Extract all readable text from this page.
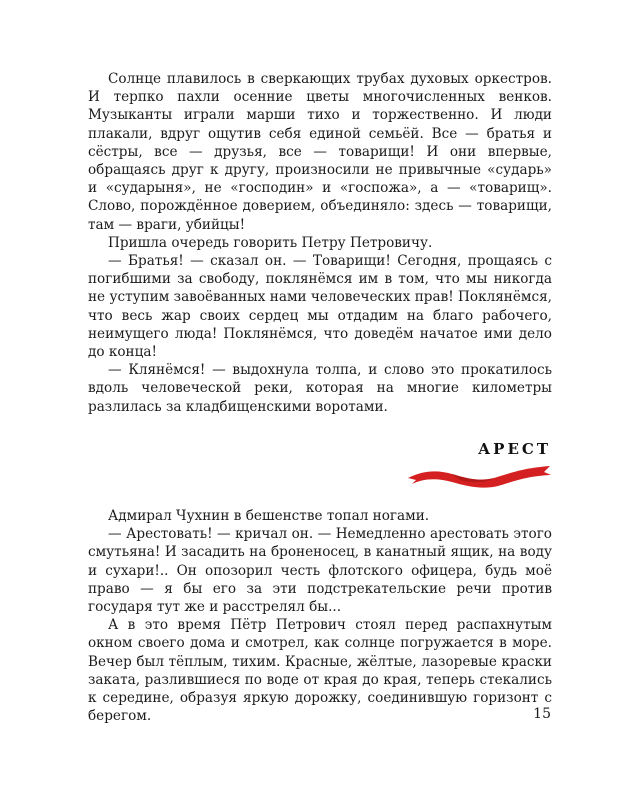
Солнце плавилось в сверкающих трубах духовых оркестров. И терпко пахли осенние цветы многочисленных венков. Музыканты играли марши тихо и торжественно. И люди плакали, вдруг ощутив себя единой семьёй. Все — братья и сёстры, все — друзья, все — товарищи! И они впервые, обращаясь друг к другу, произносили не привычные «сударь» и «сударыня», не «господин» и «госпожа», а — «товарищ». Слово, порождённое доверием, объединяло: здесь — товарищи, там — враги, убийцы!

Пришла очередь говорить Петру Петровичу.

— Братья! — сказал он. — Товарищи! Сегодня, прощаясь с погибшими за свободу, поклянёмся им в том, что мы никогда не уступим завоёванных нами человеческих прав! Поклянёмся, что весь жар своих сердец мы отдадим на благо рабочего, неимущего люда! Поклянёмся, что доведём начатое ими дело до конца!

— Клянёмся! — выдохнула толпа, и слово это прокатилось вдоль человеческой реки, которая на многие километры разлилась за кладбищенскими воротами.

АРЕСТ

Адмирал Чухнин в бешенстве топал ногами.

— Арестовать! — кричал он. — Немедленно арестовать этого смутьяна! И засадить на броненосец, в канатный ящик, на воду и сухари!.. Он опозорил честь флотского офицера, будь моё право — я бы его за эти подстрекательские речи против государя тут же и расстрелял бы...

А в это время Пётр Петрович стоял перед распахнутым окном своего дома и смотрел, как солнце погружается в море. Вечер был тёплым, тихим. Красные, жёлтые, лазоревые краски заката, разлившиеся по воде от края до края, теперь стекались к середине, образуя яркую дорожку, соединившую горизонт с берегом.	15
